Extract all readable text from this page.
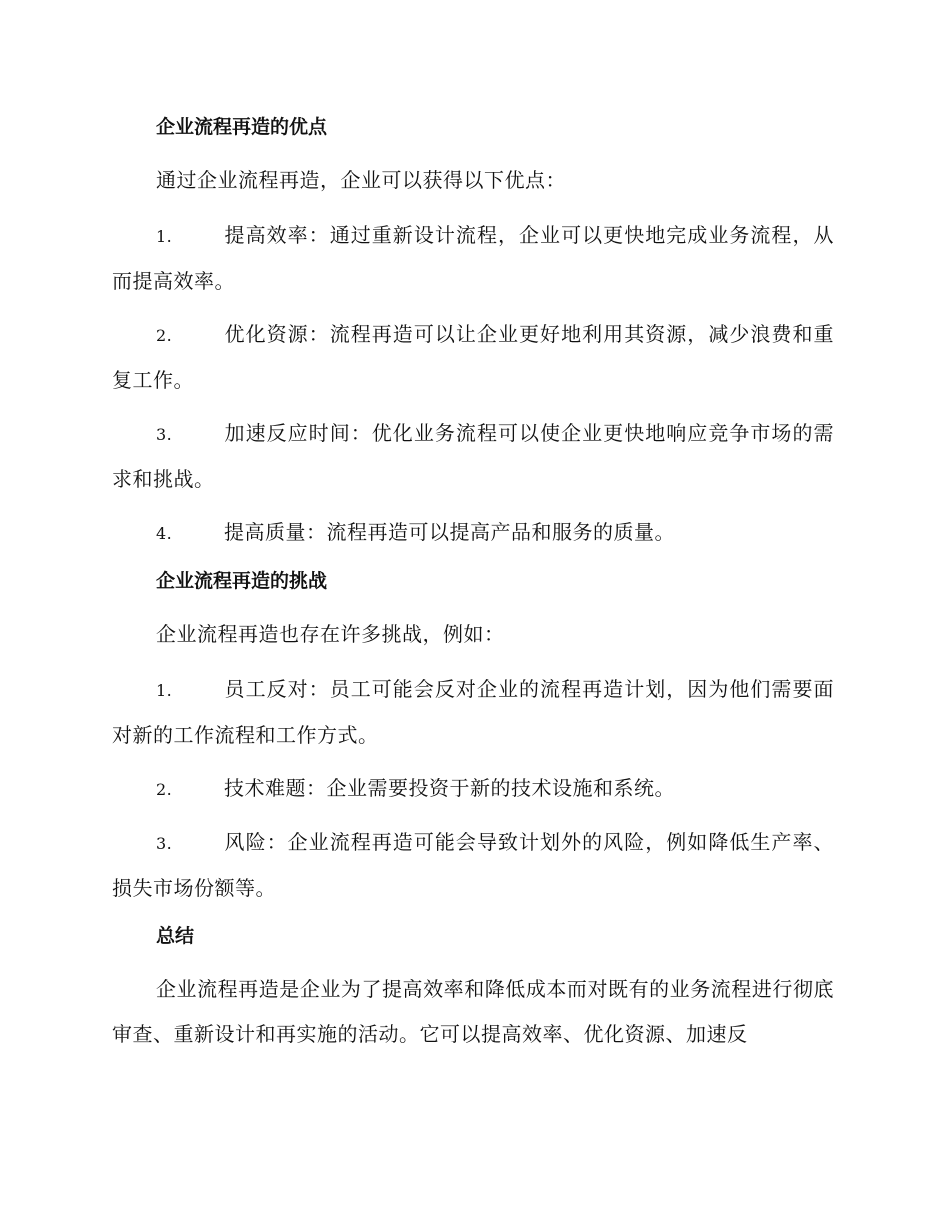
企业流程再造的优点
通过企业流程再造，企业可以获得以下优点：
1.	提高效率：通过重新设计流程，企业可以更快地完成业务流程，从而提高效率。
2.	优化资源：流程再造可以让企业更好地利用其资源，减少浪费和重复工作。
3.	加速反应时间：优化业务流程可以使企业更快地响应竞争市场的需求和挑战。
4.	提高质量：流程再造可以提高产品和服务的质量。
企业流程再造的挑战
企业流程再造也存在许多挑战，例如：
1.	员工反对：员工可能会反对企业的流程再造计划，因为他们需要面对新的工作流程和工作方式。
2.	技术难题：企业需要投资于新的技术设施和系统。
3.	风险：企业流程再造可能会导致计划外的风险，例如降低生产率、损失市场份额等。
总结
企业流程再造是企业为了提高效率和降低成本而对既有的业务流程进行彻底审查、重新设计和再实施的活动。它可以提高效率、优化资源、加速反
